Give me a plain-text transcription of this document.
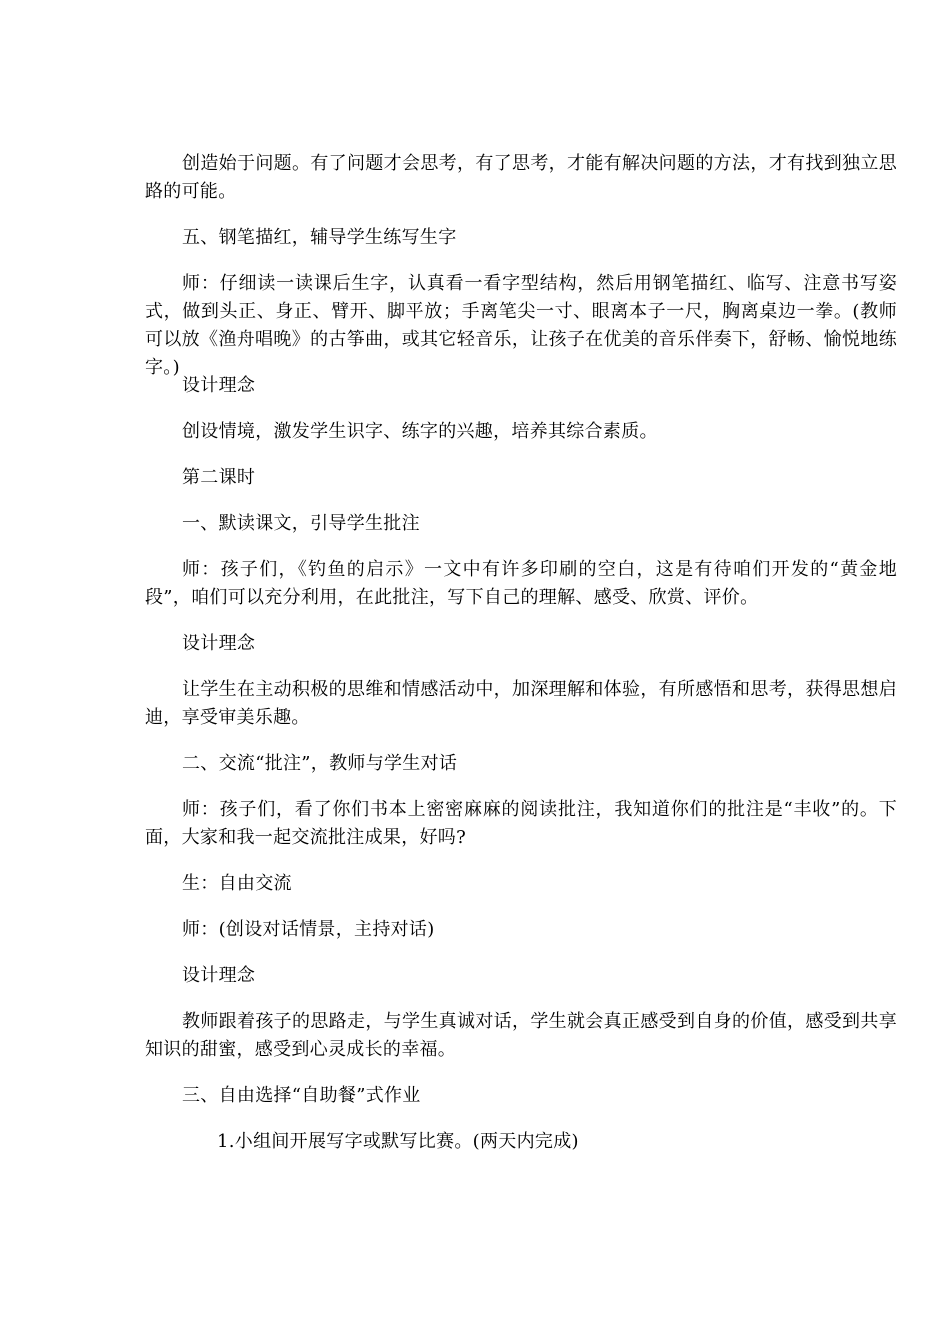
创造始于问题。有了问题才会思考，有了思考，才能有解决问题的方法，才有找到独立思路的可能。

五、钢笔描红，辅导学生练写生字

师：仔细读一读课后生字，认真看一看字型结构，然后用钢笔描红、临写、注意书写姿式，做到头正、身正、臂开、脚平放；手离笔尖一寸、眼离本子一尺，胸离桌边一拳。(教师可以放《渔舟唱晚》的古筝曲，或其它轻音乐，让孩子在优美的音乐伴奏下，舒畅、愉悦地练字。)

设计理念

创设情境，激发学生识字、练字的兴趣，培养其综合素质。

第二课时

一、默读课文，引导学生批注

师：孩子们，《钓鱼的启示》一文中有许多印刷的空白，这是有待咱们开发的“黄金地段”，咱们可以充分利用，在此批注，写下自己的理解、感受、欣赏、评价。

设计理念

让学生在主动积极的思维和情感活动中，加深理解和体验，有所感悟和思考，获得思想启迪，享受审美乐趣。

二、交流“批注”，教师与学生对话

师：孩子们，看了你们书本上密密麻麻的阅读批注，我知道你们的批注是“丰收”的。下面，大家和我一起交流批注成果，好吗?

生：自由交流

师：(创设对话情景，主持对话)

设计理念

教师跟着孩子的思路走，与学生真诚对话，学生就会真正感受到自身的价值，感受到共享知识的甜蜜，感受到心灵成长的幸福。

三、自由选择“自助餐”式作业

1.小组间开展写字或默写比赛。(两天内完成)
